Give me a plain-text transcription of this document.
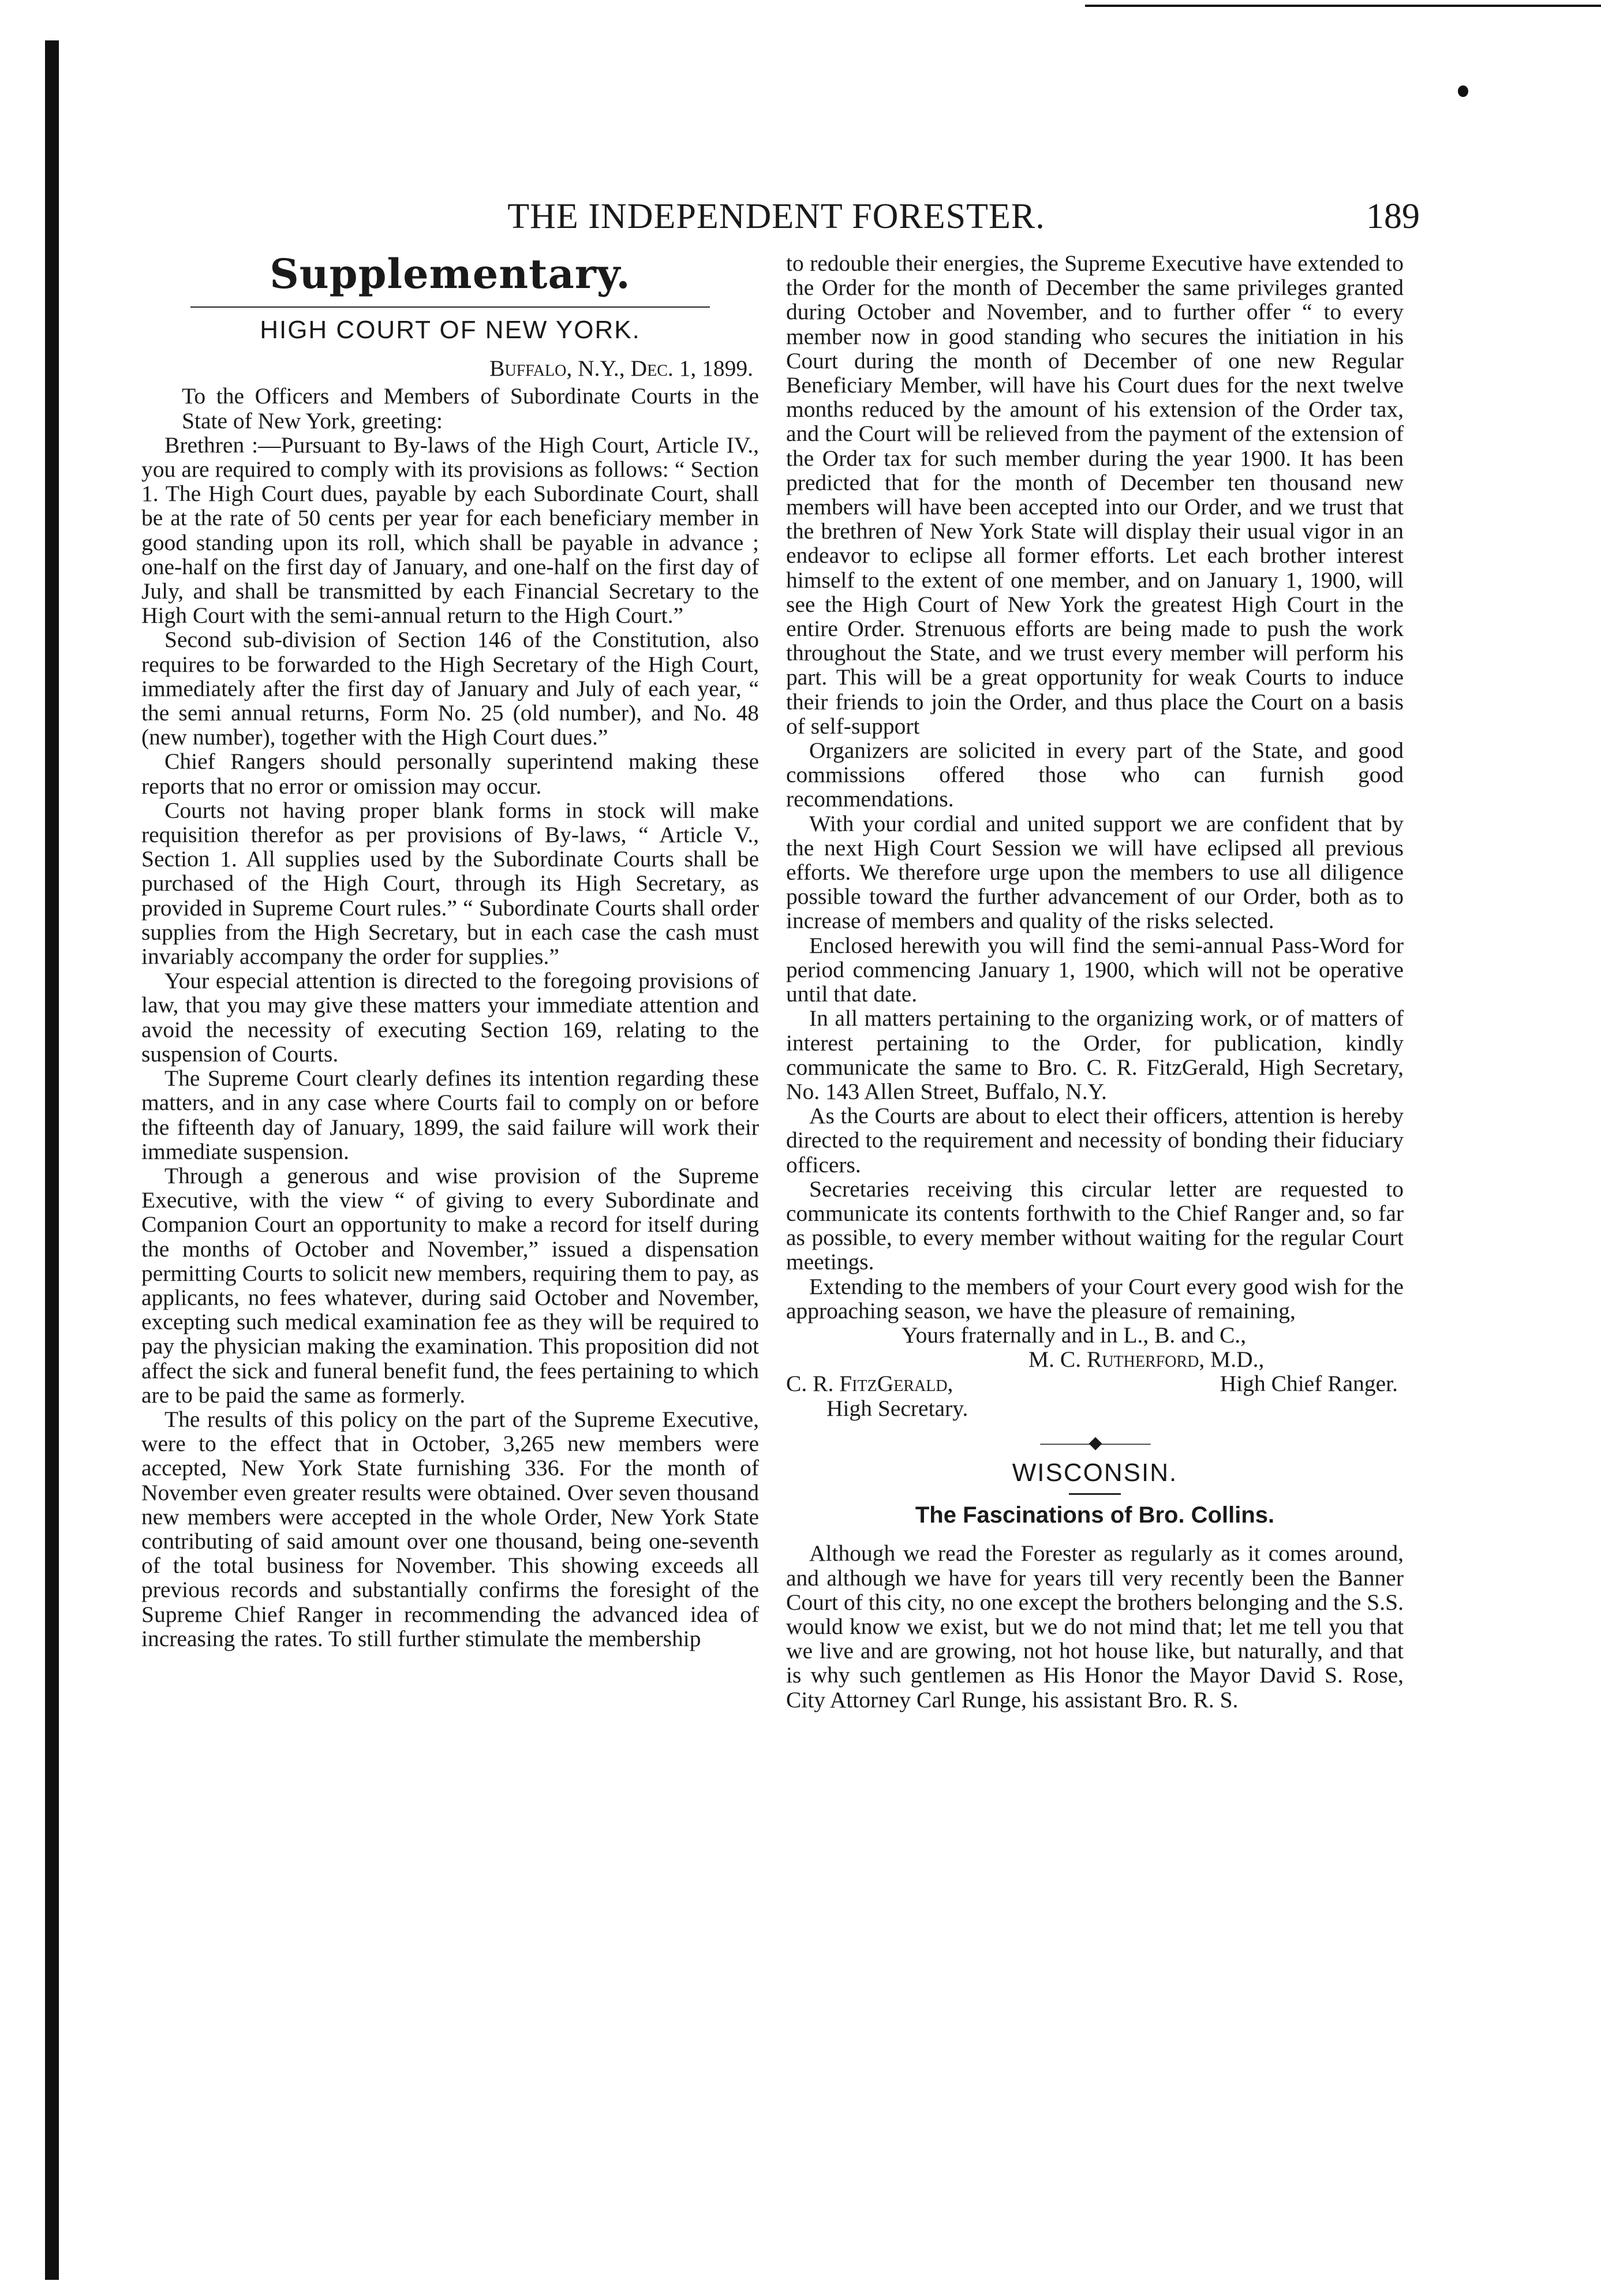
THE INDEPENDENT FORESTER.	189
Supplementary.
HIGH COURT OF NEW YORK.
Buffalo, N.Y., Dec. 1, 1899.

To the Officers and Members of Subordinate Courts in the State of New York, greeting:

Brethren :—Pursuant to By-laws of the High Court, Article IV., you are required to comply with its provisions as follows: “ Section 1. The High Court dues, payable by each Subordinate Court, shall be at the rate of 50 cents per year for each beneficiary member in good standing upon its roll, which shall be payable in advance ; one-half on the first day of January, and one-half on the first day of July, and shall be transmitted by each Financial Secretary to the High Court with the semi-annual return to the High Court.”

Second sub-division of Section 146 of the Constitution, also requires to be forwarded to the High Secretary of the High Court, immediately after the first day of January and July of each year, “ the semi annual returns, Form No. 25 (old number), and No. 48 (new number), together with the High Court dues.”

Chief Rangers should personally superintend making these reports that no error or omission may occur.

Courts not having proper blank forms in stock will make requisition therefor as per provisions of By-laws, “ Article V., Section 1. All supplies used by the Subordinate Courts shall be purchased of the High Court, through its High Secretary, as provided in Supreme Court rules.” “ Subordinate Courts shall order supplies from the High Secretary, but in each case the cash must invariably accompany the order for supplies.”

Your especial attention is directed to the foregoing provisions of law, that you may give these matters your immediate attention and avoid the necessity of executing Section 169, relating to the suspension of Courts.

The Supreme Court clearly defines its intention regarding these matters, and in any case where Courts fail to comply on or before the fifteenth day of January, 1899, the said failure will work their immediate suspension.

Through a generous and wise provision of the Supreme Executive, with the view “ of giving to every Subordinate and Companion Court an opportunity to make a record for itself during the months of October and November,” issued a dispensation permitting Courts to solicit new members, requiring them to pay, as applicants, no fees whatever, during said October and November, excepting such medical examination fee as they will be required to pay the physician making the examination. This proposition did not affect the sick and funeral benefit fund, the fees pertaining to which are to be paid the same as formerly.

The results of this policy on the part of the Supreme Executive, were to the effect that in October, 3,265 new members were accepted, New York State furnishing 336. For the month of November even greater results were obtained. Over seven thousand new members were accepted in the whole Order, New York State contributing of said amount over one thousand, being one-seventh of the total business for November. This showing exceeds all previous records and substantially confirms the foresight of the Supreme Chief Ranger in recommending the advanced idea of increasing the rates. To still further stimulate the membership

to redouble their energies, the Supreme Executive have extended to the Order for the month of December the same privileges granted during October and November, and to further offer “ to every member now in good standing who secures the initiation in his Court during the month of December of one new Regular Beneficiary Member, will have his Court dues for the next twelve months reduced by the amount of his extension of the Order tax, and the Court will be relieved from the payment of the extension of the Order tax for such member during the year 1900. It has been predicted that for the month of December ten thousand new members will have been accepted into our Order, and we trust that the brethren of New York State will display their usual vigor in an endeavor to eclipse all former efforts. Let each brother interest himself to the extent of one member, and on January 1, 1900, will see the High Court of New York the greatest High Court in the entire Order. Strenuous efforts are being made to push the work throughout the State, and we trust every member will perform his part. This will be a great opportunity for weak Courts to induce their friends to join the Order, and thus place the Court on a basis of self-support

Organizers are solicited in every part of the State, and good commissions offered those who can furnish good recommendations.

With your cordial and united support we are confident that by the next High Court Session we will have eclipsed all previous efforts. We therefore urge upon the members to use all diligence possible toward the further advancement of our Order, both as to increase of members and quality of the risks selected.

Enclosed herewith you will find the semi-annual Pass-Word for period commencing January 1, 1900, which will not be operative until that date.

In all matters pertaining to the organizing work, or of matters of interest pertaining to the Order, for publication, kindly communicate the same to Bro. C. R. FitzGerald, High Secretary, No. 143 Allen Street, Buffalo, N.Y.

As the Courts are about to elect their officers, attention is hereby directed to the requirement and necessity of bonding their fiduciary officers.

Secretaries receiving this circular letter are requested to communicate its contents forthwith to the Chief Ranger and, so far as possible, to every member without waiting for the regular Court meetings.

Extending to the members of your Court every good wish for the approaching season, we have the pleasure of remaining,

Yours fraternally and in L., B. and C.,
M. C. Rutherford, M.D.,
C. R. FitzGerald,	High Chief Ranger.
High Secretary.
———◆———
WISCONSIN.
The Fascinations of Bro. Collins.

Although we read the Forester as regularly as it comes around, and although we have for years till very recently been the Banner Court of this city, no one except the brothers belonging and the S.S. would know we exist, but we do not mind that; let me tell you that we live and are growing, not hot house like, but naturally, and that is why such gentlemen as His Honor the Mayor David S. Rose, City Attorney Carl Runge, his assistant Bro. R. S.
